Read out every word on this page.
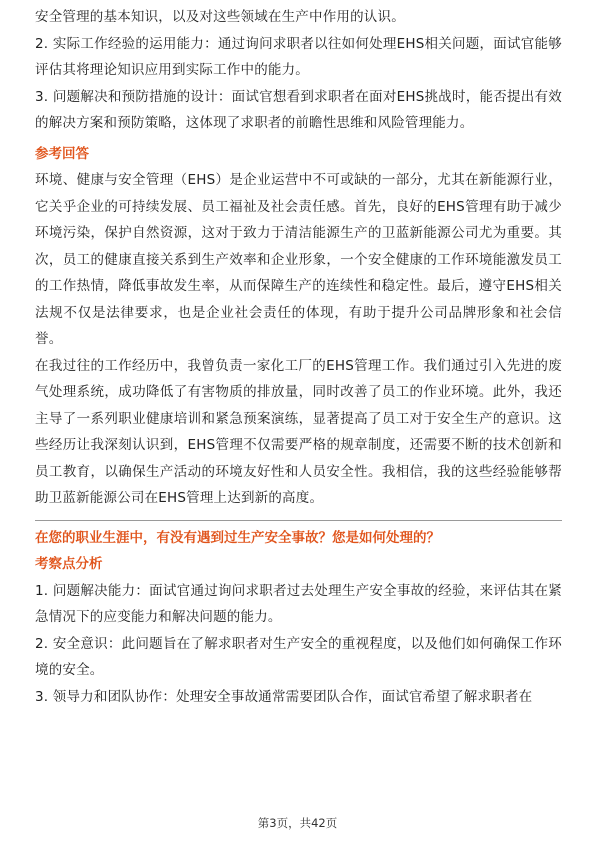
安全管理的基本知识，以及对这些领域在生产中作用的认识。

2. 实际工作经验的运用能力：通过询问求职者以往如何处理EHS相关问题，面试官能够评估其将理论知识应用到实际工作中的能力。

3. 问题解决和预防措施的设计：面试官想看到求职者在面对EHS挑战时，能否提出有效的解决方案和预防策略，这体现了求职者的前瞻性思维和风险管理能力。

参考回答

环境、健康与安全管理（EHS）是企业运营中不可或缺的一部分，尤其在新能源行业，它关乎企业的可持续发展、员工福祉及社会责任感。首先，良好的EHS管理有助于减少环境污染，保护自然资源，这对于致力于清洁能源生产的卫蓝新能源公司尤为重要。其次，员工的健康直接关系到生产效率和企业形象，一个安全健康的工作环境能激发员工的工作热情，降低事故发生率，从而保障生产的连续性和稳定性。最后，遵守EHS相关法规不仅是法律要求，也是企业社会责任的体现，有助于提升公司品牌形象和社会信誉。

在我过往的工作经历中，我曾负责一家化工厂的EHS管理工作。我们通过引入先进的废气处理系统，成功降低了有害物质的排放量，同时改善了员工的作业环境。此外，我还主导了一系列职业健康培训和紧急预案演练，显著提高了员工对于安全生产的意识。这些经历让我深刻认识到，EHS管理不仅需要严格的规章制度，还需要不断的技术创新和员工教育，以确保生产活动的环境友好性和人员安全性。我相信，我的这些经验能够帮助卫蓝新能源公司在EHS管理上达到新的高度。

在您的职业生涯中，有没有遇到过生产安全事故？您是如何处理的？

考察点分析

1. 问题解决能力：面试官通过询问求职者过去处理生产安全事故的经验，来评估其在紧急情况下的应变能力和解决问题的能力。

2. 安全意识：此问题旨在了解求职者对生产安全的重视程度，以及他们如何确保工作环境的安全。

3. 领导力和团队协作：处理安全事故通常需要团队合作，面试官希望了解求职者在

第3页，共42页
